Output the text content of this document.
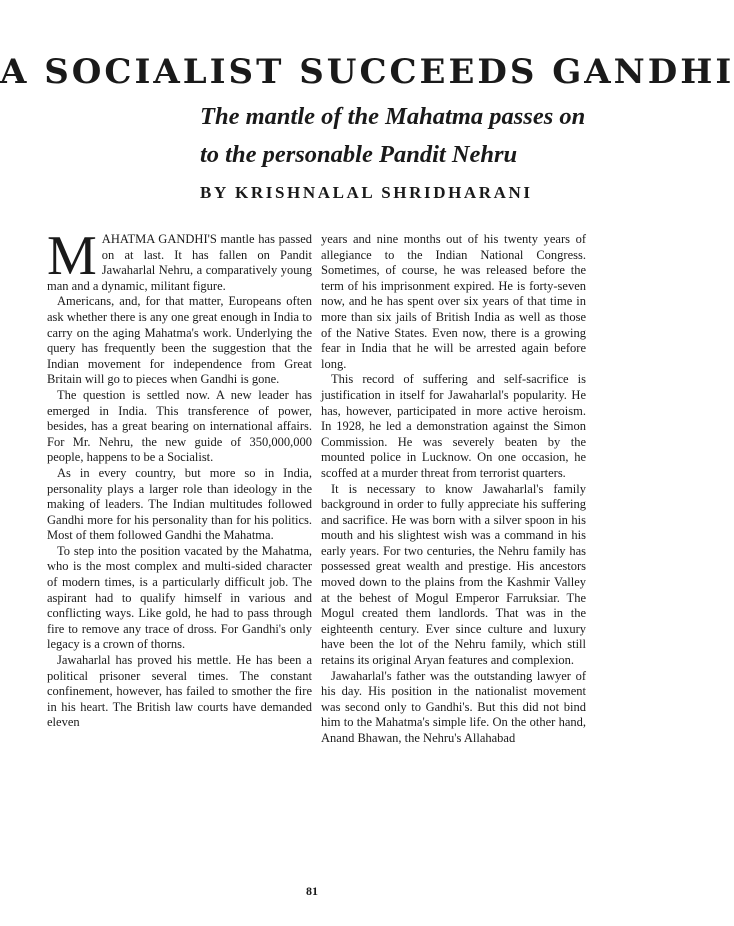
A SOCIALIST SUCCEEDS GANDHI
The mantle of the Mahatma passes on to the personable Pandit Nehru
BY KRISHNALAL SHRIDHARANI

MAHATMA GANDHI'S mantle has passed on at last. It has fallen on Pandit Jawaharlal Nehru, a comparatively young man and a dynamic, militant figure.

Americans, and, for that matter, Europeans often ask whether there is any one great enough in India to carry on the aging Mahatma's work. Underlying the query has frequently been the suggestion that the Indian movement for independence from Great Britain will go to pieces when Gandhi is gone.

The question is settled now. A new leader has emerged in India. This transference of power, besides, has a great bearing on international affairs. For Mr. Nehru, the new guide of 350,000,000 people, happens to be a Socialist.

As in every country, but more so in India, personality plays a larger role than ideology in the making of leaders. The Indian multitudes followed Gandhi more for his personality than for his politics. Most of them followed Gandhi the Mahatma.

To step into the position vacated by the Mahatma, who is the most complex and multi-sided character of modern times, is a particularly difficult job. The aspirant had to qualify himself in various and conflicting ways. Like gold, he had to pass through fire to remove any trace of dross. For Gandhi's only legacy is a crown of thorns.

Jawaharlal has proved his mettle. He has been a political prisoner several times. The constant confinement, however, has failed to smother the fire in his heart. The British law courts have demanded eleven

years and nine months out of his twenty years of allegiance to the Indian National Congress. Sometimes, of course, he was released before the term of his imprisonment expired. He is forty-seven now, and he has spent over six years of that time in more than six jails of British India as well as those of the Native States. Even now, there is a growing fear in India that he will be arrested again before long.

This record of suffering and self-sacrifice is justification in itself for Jawaharlal's popularity. He has, however, participated in more active heroism. In 1928, he led a demonstration against the Simon Commission. He was severely beaten by the mounted police in Lucknow. On one occasion, he scoffed at a murder threat from terrorist quarters.

It is necessary to know Jawaharlal's family background in order to fully appreciate his suffering and sacrifice. He was born with a silver spoon in his mouth and his slightest wish was a command in his early years. For two centuries, the Nehru family has possessed great wealth and prestige. His ancestors moved down to the plains from the Kashmir Valley at the behest of Mogul Emperor Farruksiar. The Mogul created them landlords. That was in the eighteenth century. Ever since culture and luxury have been the lot of the Nehru family, which still retains its original Aryan features and complexion.

Jawaharlal's father was the outstanding lawyer of his day. His position in the nationalist movement was second only to Gandhi's. But this did not bind him to the Mahatma's simple life. On the other hand, Anand Bhawan, the Nehru's Allahabad

81
